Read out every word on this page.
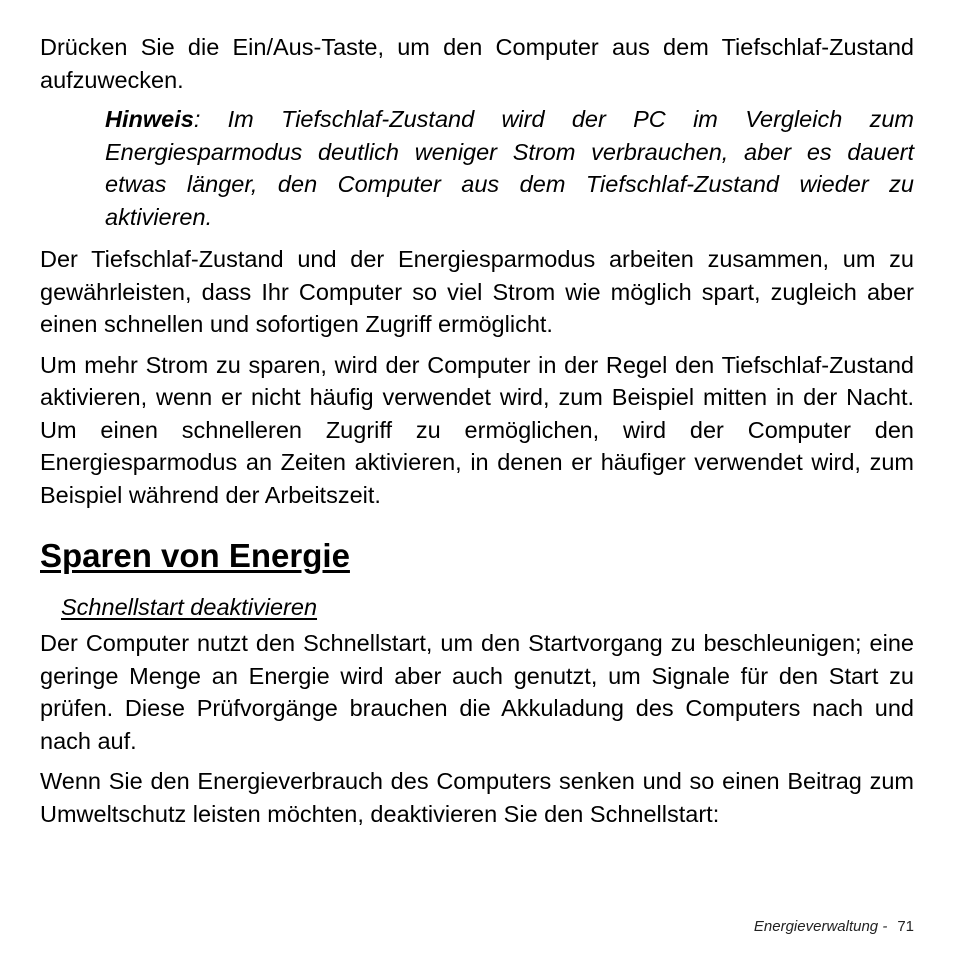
Drücken Sie die Ein/Aus-Taste, um den Computer aus dem Tiefschlaf-Zustand aufzuwecken.

Hinweis: Im Tiefschlaf-Zustand wird der PC im Vergleich zum Energiesparmodus deutlich weniger Strom verbrauchen, aber es dauert etwas länger, den Computer aus dem Tiefschlaf-Zustand wieder zu aktivieren.

Der Tiefschlaf-Zustand und der Energiesparmodus arbeiten zusammen, um zu gewährleisten, dass Ihr Computer so viel Strom wie möglich spart, zugleich aber einen schnellen und sofortigen Zugriff ermöglicht.

Um mehr Strom zu sparen, wird der Computer in der Regel den Tiefschlaf-Zustand aktivieren, wenn er nicht häufig verwendet wird, zum Beispiel mitten in der Nacht. Um einen schnelleren Zugriff zu ermöglichen, wird der Computer den Energiesparmodus an Zeiten aktivieren, in denen er häufiger verwendet wird, zum Beispiel während der Arbeitszeit.

Sparen von Energie
Schnellstart deaktivieren

Der Computer nutzt den Schnellstart, um den Startvorgang zu beschleunigen; eine geringe Menge an Energie wird aber auch genutzt, um Signale für den Start zu prüfen. Diese Prüfvorgänge brauchen die Akkuladung des Computers nach und nach auf.

Wenn Sie den Energieverbrauch des Computers senken und so einen Beitrag zum Umweltschutz leisten möchten, deaktivieren Sie den Schnellstart:

Energieverwaltung - 71
